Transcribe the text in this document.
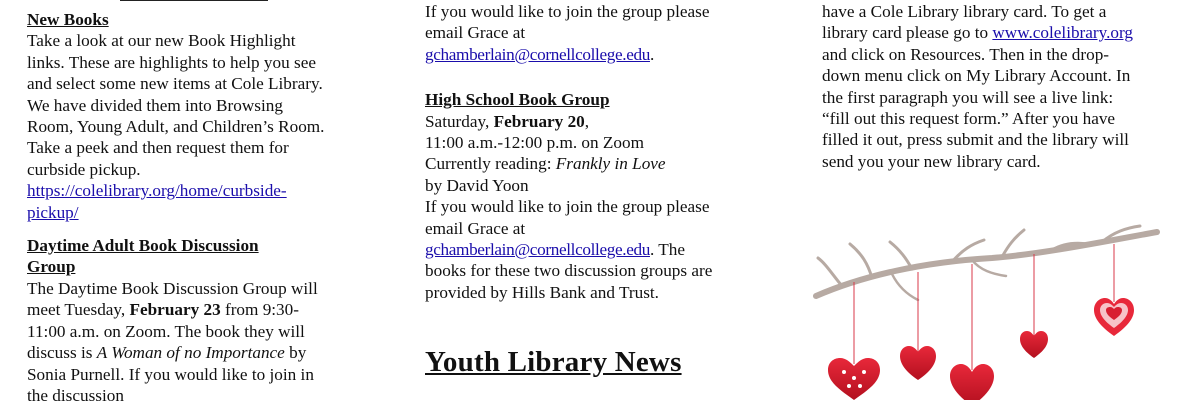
New Books

Take a look at our new Book Highlight links. These are highlights to help you see and select some new items at Cole Library. We have divided them into Browsing Room, Young Adult, and Children’s Room. Take a peek and then request them for curbside pickup. https://colelibrary.org/home/curbside-
pickup/

Daytime Adult Book Discussion
Group

The Daytime Book Discussion Group will meet Tuesday, February 23 from 9:30-11:00 a.m. on Zoom. The book they will discuss is A Woman of no Importance by Sonia Purnell. If you would like to join in the discussion

If you would like to join the group please email Grace at
gchamberlain@cornellcollege.edu.

High School Book Group

Saturday, February 20,
11:00 a.m.-12:00 p.m. on Zoom
Currently reading: Frankly in Love
by David Yoon
If you would like to join the group please email Grace at
gchamberlain@cornellcollege.edu. The books for these two discussion groups are provided by Hills Bank and Trust.

Youth Library News

have a Cole Library library card. To get a library card please go to www.colelibrary.org and click on Resources. Then in the drop-down menu click on My Library Account. In the first paragraph you will see a live link: “fill out this request form.” After you have filled it out, press submit and the library will send you your new library card.
